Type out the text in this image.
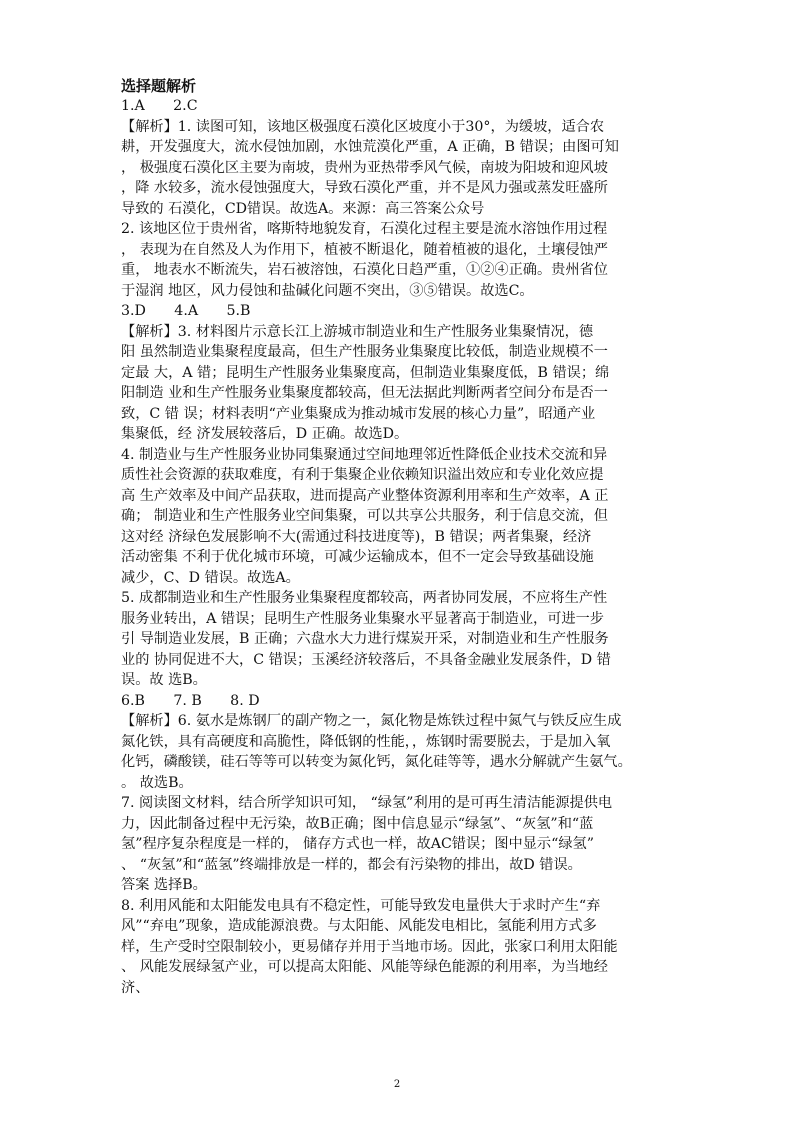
选择题解析
1.A　　2.C
【解析】1. 读图可知，该地区极强度石漠化区坡度小于30°，为缓坡，适合农
耕，开发强度大，流水侵蚀加剧，水蚀荒漠化严重，A 正确，B 错误；由图可知
， 极强度石漠化区主要为南坡，贵州为亚热带季风气候，南坡为阳坡和迎风坡
，降 水较多，流水侵蚀强度大，导致石漠化严重，并不是风力强或蒸发旺盛所
导致的 石漠化，CD错误。故选A。来源：高三答案公众号
2. 该地区位于贵州省，喀斯特地貌发育，石漠化过程主要是流水溶蚀作用过程
， 表现为在自然及人为作用下，植被不断退化，随着植被的退化，土壤侵蚀严
重， 地表水不断流失，岩石被溶蚀，石漠化日趋严重，①②④正确。贵州省位
于湿润 地区，风力侵蚀和盐碱化问题不突出，③⑤错误。故选C。
3.D　　4.A　　5.B
【解析】3. 材料图片示意长江上游城市制造业和生产性服务业集聚情况，德
阳 虽然制造业集聚程度最高，但生产性服务业集聚度比较低，制造业规模不一
定最 大，A 错；昆明生产性服务业集聚度高，但制造业集聚度低，B 错误；绵
阳制造 业和生产性服务业集聚度都较高，但无法据此判断两者空间分布是否一
致，C 错 误；材料表明“产业集聚成为推动城市发展的核心力量”，昭通产业
集聚低，经 济发展较落后，D 正确。故选D。
4. 制造业与生产性服务业协同集聚通过空间地理邻近性降低企业技术交流和异
质性社会资源的获取难度，有利于集聚企业依赖知识溢出效应和专业化效应提
高 生产效率及中间产品获取，进而提高产业整体资源利用率和生产效率，A 正
确； 制造业和生产性服务业空间集聚，可以共享公共服务，利于信息交流，但
这对经 济绿色发展影响不大(需通过科技进度等)，B 错误；两者集聚，经济
活动密集 不利于优化城市环境，可减少运输成本，但不一定会导致基础设施
减少，C、D 错误。故选A。
5. 成都制造业和生产性服务业集聚程度都较高，两者协同发展，不应将生产性
服务业转出，A 错误；昆明生产性服务业集聚水平显著高于制造业，可进一步
引 导制造业发展，B 正确；六盘水大力进行煤炭开采，对制造业和生产性服务
业的 协同促进不大，C 错误；玉溪经济较落后，不具备金融业发展条件，D 错
误。故 选B。
6.B　　7. B　　8. D
【解析】6. 氨水是炼钢厂的副产物之一，氮化物是炼铁过程中氮气与铁反应生成
氮化铁，具有高硬度和高脆性，降低钢的性能，，炼钢时需要脱去，于是加入氧
化钙，磷酸镁，硅石等等可以转变为氮化钙，氮化硅等等，遇水分解就产生氨气。
。 故选B。
7. 阅读图文材料，结合所学知识可知， “绿氢”利用的是可再生清洁能源提供电
力，因此制备过程中无污染，故B正确；图中信息显示“绿氢”、“灰氢”和“蓝
氢”程序复杂程度是一样的， 储存方式也一样，故AC错误；图中显示“绿氢”
、 “灰氢”和“蓝氢”终端排放是一样的，都会有污染物的排出，故D 错误。
答案 选择B。
8. 利用风能和太阳能发电具有不稳定性，可能导致发电量供大于求时产生“弃
风”“弃电”现象，造成能源浪费。与太阳能、风能发电相比，氢能利用方式多
样，生产受时空限制较小，更易储存并用于当地市场。因此，张家口利用太阳能
、 风能发展绿氢产业，可以提高太阳能、风能等绿色能源的利用率，为当地经
济、
2
